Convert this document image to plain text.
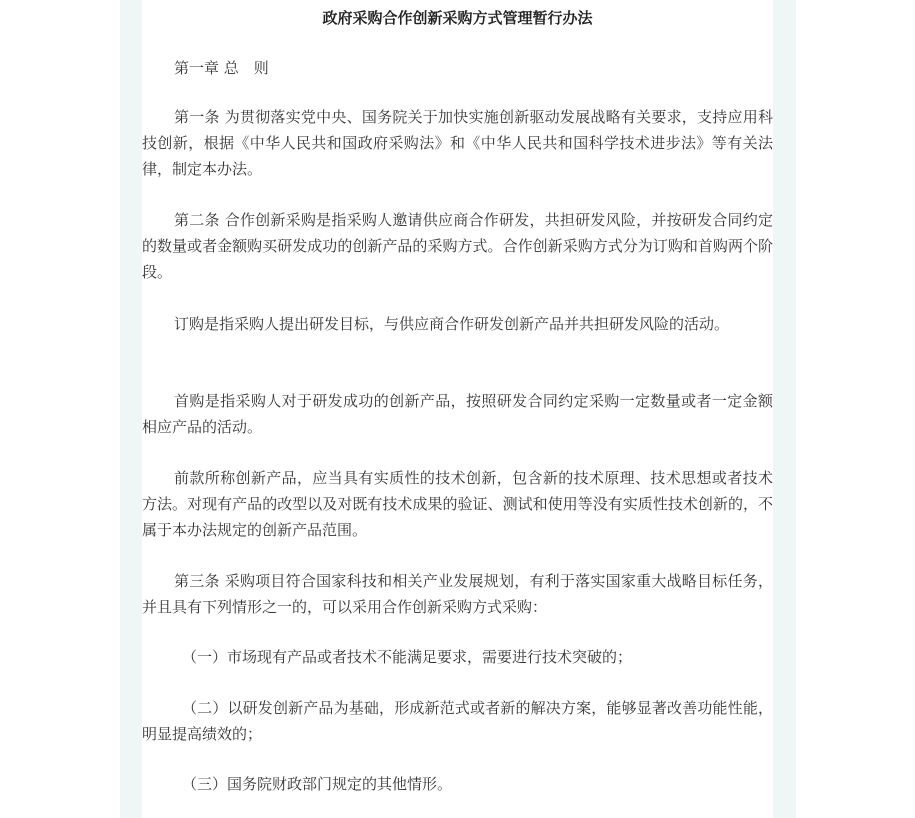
政府采购合作创新采购方式管理暂行办法

第一章 总　则

第一条 为贯彻落实党中央、国务院关于加快实施创新驱动发展战略有关要求，支持应用科技创新，根据《中华人民共和国政府采购法》和《中华人民共和国科学技术进步法》等有关法律，制定本办法。

第二条 合作创新采购是指采购人邀请供应商合作研发，共担研发风险，并按研发合同约定的数量或者金额购买研发成功的创新产品的采购方式。合作创新采购方式分为订购和首购两个阶段。

订购是指采购人提出研发目标，与供应商合作研发创新产品并共担研发风险的活动。

首购是指采购人对于研发成功的创新产品，按照研发合同约定采购一定数量或者一定金额相应产品的活动。

前款所称创新产品，应当具有实质性的技术创新，包含新的技术原理、技术思想或者技术方法。对现有产品的改型以及对既有技术成果的验证、测试和使用等没有实质性技术创新的，不属于本办法规定的创新产品范围。

第三条 采购项目符合国家科技和相关产业发展规划，有利于落实国家重大战略目标任务，并且具有下列情形之一的，可以采用合作创新采购方式采购：

（一）市场现有产品或者技术不能满足要求，需要进行技术突破的；

（二）以研发创新产品为基础，形成新范式或者新的解决方案，能够显著改善功能性能，明显提高绩效的；

（三）国务院财政部门规定的其他情形。
